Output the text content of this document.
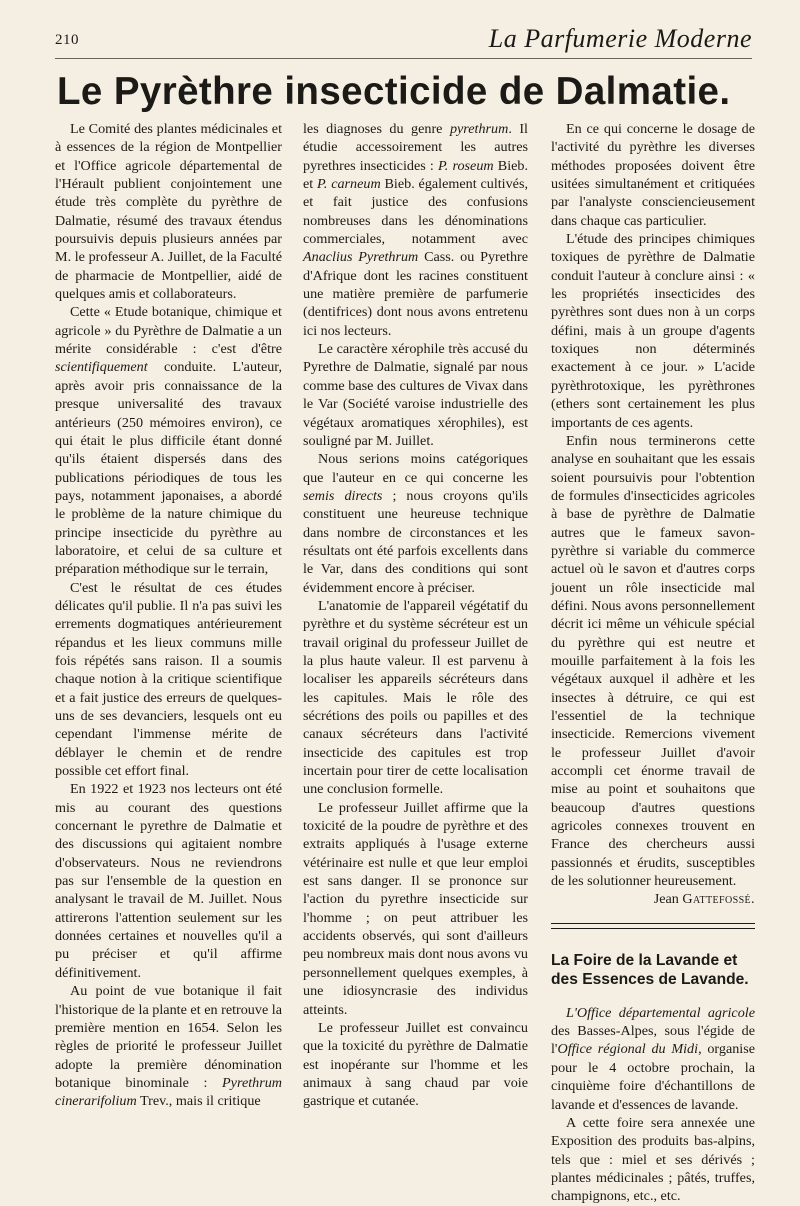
210	La Parfumerie Moderne
Le Pyrèthre insecticide de Dalmatie.

Le Comité des plantes médicinales et à essences de la région de Montpellier et l'Office agricole départemental de l'Hérault publient conjointement une étude très complète du pyrèthre de Dalmatie, résumé des travaux étendus poursuivis depuis plusieurs années par M. le professeur A. Juillet, de la Faculté de pharmacie de Montpellier, aidé de quelques amis et collaborateurs.

Cette « Etude botanique, chimique et agricole » du Pyrèthre de Dalmatie a un mérite considérable : c'est d'être scientifiquement conduite. L'auteur, après avoir pris connaissance de la presque universalité des travaux antérieurs (250 mémoires environ), ce qui était le plus difficile étant donné qu'ils étaient dispersés dans des publications périodiques de tous les pays, notamment japonaises, a abordé le problème de la nature chimique du principe insecticide du pyrèthre au laboratoire, et celui de sa culture et préparation méthodique sur le terrain,

C'est le résultat de ces études délicates qu'il publie. Il n'a pas suivi les errements dogmatiques antérieurement répandus et les lieux communs mille fois répétés sans raison. Il a soumis chaque notion à la critique scientifique et a fait justice des erreurs de quelques-uns de ses devanciers, lesquels ont eu cependant l'immense mérite de déblayer le chemin et de rendre possible cet effort final.

En 1922 et 1923 nos lecteurs ont été mis au courant des questions concernant le pyrethre de Dalmatie et des discussions qui agitaient nombre d'observateurs. Nous ne reviendrons pas sur l'ensemble de la question en analysant le travail de M. Juillet. Nous attirerons l'attention seulement sur les données certaines et nouvelles qu'il a pu préciser et qu'il affirme définitivement.

Au point de vue botanique il fait l'historique de la plante et en retrouve la première mention en 1654. Selon les règles de priorité le professeur Juillet adopte la première dénomination botanique binominale : Pyrethrum cinerarifolium Trev., mais il critique

les diagnoses du genre pyrethrum. Il étudie accessoirement les autres pyrethres insecticides : P. roseum Bieb. et P. carneum Bieb. également cultivés, et fait justice des confusions nombreuses dans les dénominations commerciales, notamment avec Anaclius Pyrethrum Cass. ou Pyrethre d'Afrique dont les racines constituent une matière première de parfumerie (dentifrices) dont nous avons entretenu ici nos lecteurs.

Le caractère xérophile très accusé du Pyrethre de Dalmatie, signalé par nous comme base des cultures de Vivax dans le Var (Société varoise industrielle des végétaux aromatiques xérophiles), est souligné par M. Juillet.

Nous serions moins catégoriques que l'auteur en ce qui concerne les semis directs ; nous croyons qu'ils constituent une heureuse technique dans nombre de circonstances et les résultats ont été parfois excellents dans le Var, dans des conditions qui sont évidemment encore à préciser.

L'anatomie de l'appareil végétatif du pyrèthre et du système sécréteur est un travail original du professeur Juillet de la plus haute valeur. Il est parvenu à localiser les appareils sécréteurs dans les capitules. Mais le rôle des sécrétions des poils ou papilles et des canaux sécréteurs dans l'activité insecticide des capitules est trop incertain pour tirer de cette localisation une conclusion formelle.

Le professeur Juillet affirme que la toxicité de la poudre de pyrèthre et des extraits appliqués à l'usage externe vétérinaire est nulle et que leur emploi est sans danger. Il se prononce sur l'action du pyrethre insecticide sur l'homme ; on peut attribuer les accidents observés, qui sont d'ailleurs peu nombreux mais dont nous avons vu personnellement quelques exemples, à une idiosyncrasie des individus atteints.

Le professeur Juillet est convaincu que la toxicité du pyrèthre de Dalmatie est inopérante sur l'homme et les animaux à sang chaud par voie gastrique et cutanée.

En ce qui concerne le dosage de l'activité du pyrèthre les diverses méthodes proposées doivent être usitées simultanément et critiquées par l'analyste consciencieusement dans chaque cas particulier.

L'étude des principes chimiques toxiques de pyrèthre de Dalmatie conduit l'auteur à conclure ainsi : « les propriétés insecticides des pyrèthres sont dues non à un corps défini, mais à un groupe d'agents toxiques non déterminés exactement à ce jour. » L'acide pyrèthrotoxique, les pyrèthrones (ethers sont certainement les plus importants de ces agents.

Enfin nous terminerons cette analyse en souhaitant que les essais soient poursuivis pour l'obtention de formules d'insecticides agricoles à base de pyrèthre de Dalmatie autres que le fameux savon-pyrèthre si variable du commerce actuel où le savon et d'autres corps jouent un rôle insecticide mal défini. Nous avons personnellement décrit ici même un véhicule spécial du pyrèthre qui est neutre et mouille parfaitement à la fois les végétaux auxquel il adhère et les insectes à détruire, ce qui est l'essentiel de la technique insecticide. Remercions vivement le professeur Juillet d'avoir accompli cet énorme travail de mise au point et souhaitons que beaucoup d'autres questions agricoles connexes trouvent en France des chercheurs aussi passionnés et érudits, susceptibles de les solutionner heureusement.

Jean Gattefossé.

La Foire de la Lavande et des Essences de Lavande.

L'Office départemental agricole des Basses-Alpes, sous l'égide de l'Office régional du Midi, organise pour le 4 octobre prochain, la cinquième foire d'échantillons de lavande et d'essences de lavande.

A cette foire sera annexée une Exposition des produits bas-alpins, tels que : miel et ses dérivés ; plantes médicinales ; pâtés, truffes, champignons, etc., etc.
